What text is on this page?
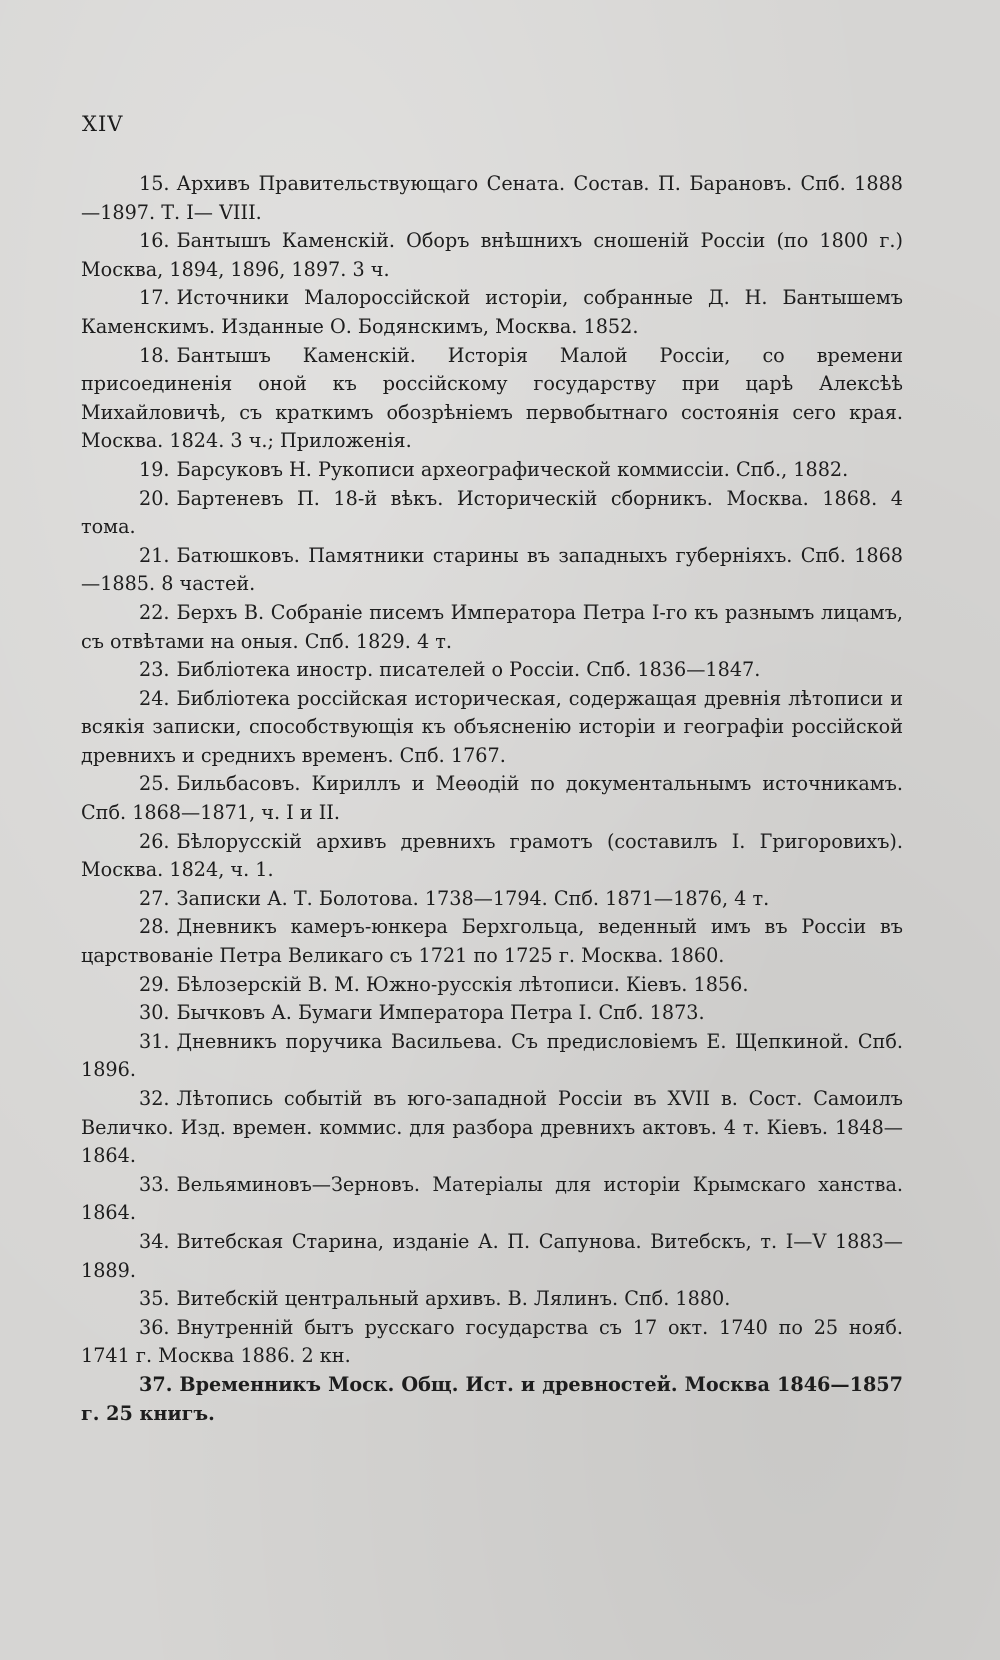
XIV

15. Архивъ Правительствующаго Сената. Состав. П. Барановъ. Спб. 1888—1897. Т. I— VIII.

16. Бантышъ Каменскій. Оборъ внѣшнихъ сношеній Россіи (по 1800 г.) Москва, 1894, 1896, 1897. 3 ч.

17. Источники Малороссійской исторіи, собранные Д. Н. Бантышемъ Каменскимъ. Изданные О. Бодянскимъ, Москва. 1852.

18. Бантышъ Каменскій. Исторія Малой Россіи, со времени присоединенія оной къ россійскому государству при царѣ Алексѣѣ Михайловичѣ, съ краткимъ обозрѣніемъ первобытнаго состоянія сего края. Москва. 1824. 3 ч.; Приложенія.

19. Барсуковъ Н. Рукописи археографической коммиссіи. Спб., 1882.

20. Бартеневъ П. 18-й вѣкъ. Историческій сборникъ. Москва. 1868. 4 тома.

21. Батюшковъ. Памятники старины въ западныхъ губерніяхъ. Спб. 1868—1885. 8 частей.

22. Берхъ В. Собраніе писемъ Императора Петра I-го къ разнымъ лицамъ, съ отвѣтами на оныя. Спб. 1829. 4 т.

23. Библіотека иностр. писателей о Россіи. Спб. 1836—1847.

24. Библіотека россійская историческая, содержащая древнія лѣтописи и всякія записки, способствующія къ объясненію исторіи и географіи россійской древнихъ и среднихъ временъ. Спб. 1767.

25. Бильбасовъ. Кириллъ и Меѳодій по документальнымъ источникамъ. Спб. 1868—1871, ч. I и II.

26. Бѣлорусскій архивъ древнихъ грамотъ (составилъ I. Григоровихъ). Москва. 1824, ч. 1.

27. Записки А. Т. Болотова. 1738—1794. Спб. 1871—1876, 4 т.

28. Дневникъ камеръ-юнкера Берхгольца, веденный имъ въ Россіи въ царствованіе Петра Великаго съ 1721 по 1725 г. Москва. 1860.

29. Бѣлозерскій В. М. Южно-русскія лѣтописи. Кіевъ. 1856.

30. Бычковъ А. Бумаги Императора Петра I. Спб. 1873.

31. Дневникъ поручика Васильева. Съ предисловіемъ Е. Щепкиной. Спб. 1896.

32. Лѣтопись событій въ юго-западной Россіи въ XVII в. Сост. Самоилъ Величко. Изд. времен. коммис. для разбора древнихъ актовъ. 4 т. Кіевъ. 1848—1864.

33. Вельяминовъ—Зерновъ. Матеріалы для исторіи Крымскаго ханства. 1864.

34. Витебская Старина, изданіе А. П. Сапунова. Витебскъ, т. I—V 1883—1889.

35. Витебскій центральный архивъ. В. Лялинъ. Спб. 1880.

36. Внутренній бытъ русскаго государства съ 17 окт. 1740 по 25 нояб. 1741 г. Москва 1886. 2 кн.

37. Временникъ Моск. Общ. Ист. и древностей. Москва 1846—1857 г. 25 книгъ.
